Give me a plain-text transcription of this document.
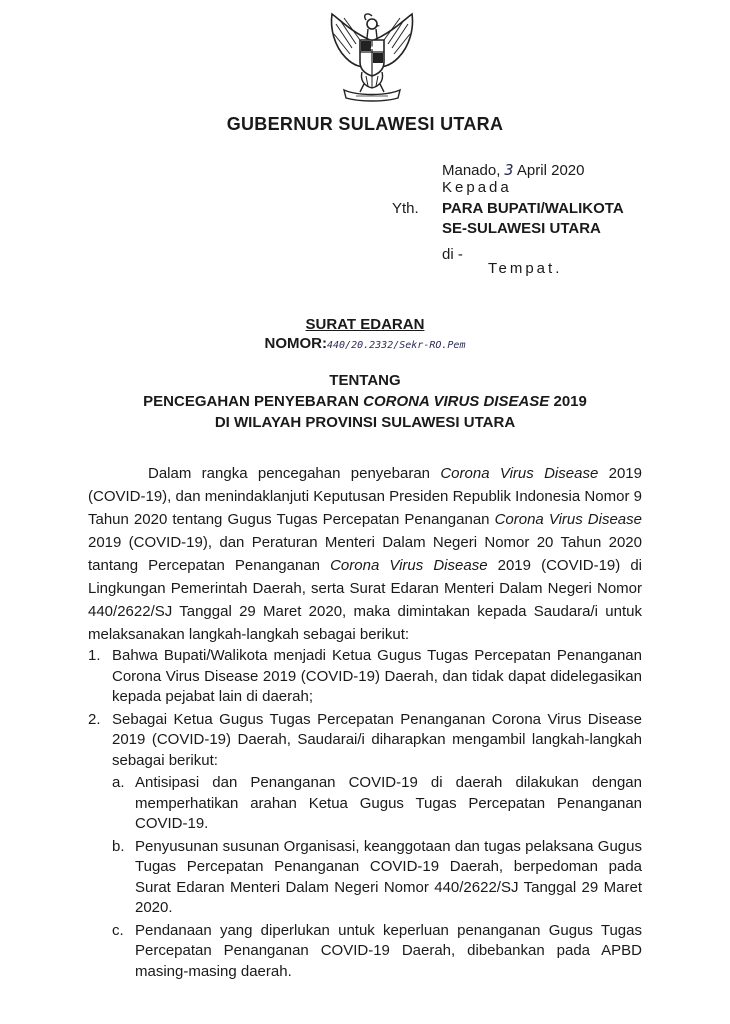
GUBERNUR SULAWESI UTARA
Manado, 3 April 2020
Kepada
Yth. PARA BUPATI/WALIKOTA
SE-SULAWESI UTARA
di -
Tempat.
SURAT EDARAN
NOMOR:440/20.2332/Sekr-RO.Pem
TENTANG
PENCEGAHAN PENYEBARAN CORONA VIRUS DISEASE 2019
DI WILAYAH PROVINSI SULAWESI UTARA

Dalam rangka pencegahan penyebaran Corona Virus Disease 2019 (COVID-19), dan menindaklanjuti Keputusan Presiden Republik Indonesia Nomor 9 Tahun 2020 tentang Gugus Tugas Percepatan Penanganan Corona Virus Disease 2019 (COVID-19), dan Peraturan Menteri Dalam Negeri Nomor 20 Tahun 2020 tantang Percepatan Penanganan Corona Virus Disease 2019 (COVID-19) di Lingkungan Pemerintah Daerah, serta Surat Edaran Menteri Dalam Negeri Nomor 440/2622/SJ Tanggal 29 Maret 2020, maka dimintakan kepada Saudara/i untuk melaksanakan langkah-langkah sebagai berikut:

1. Bahwa Bupati/Walikota menjadi Ketua Gugus Tugas Percepatan Penanganan Corona Virus Disease 2019 (COVID-19) Daerah, dan tidak dapat didelegasikan kepada pejabat lain di daerah;
2. Sebagai Ketua Gugus Tugas Percepatan Penanganan Corona Virus Disease 2019 (COVID-19) Daerah, Saudarai/i diharapkan mengambil langkah-langkah sebagai berikut:
a. Antisipasi dan Penanganan COVID-19 di daerah dilakukan dengan memperhatikan arahan Ketua Gugus Tugas Percepatan Penanganan COVID-19.
b. Penyusunan susunan Organisasi, keanggotaan dan tugas pelaksana Gugus Tugas Percepatan Penanganan COVID-19 Daerah, berpedoman pada Surat Edaran Menteri Dalam Negeri Nomor 440/2622/SJ Tanggal 29 Maret 2020.
c. Pendanaan yang diperlukan untuk keperluan penanganan Gugus Tugas Percepatan Penanganan COVID-19 Daerah, dibebankan pada APBD masing-masing daerah.
